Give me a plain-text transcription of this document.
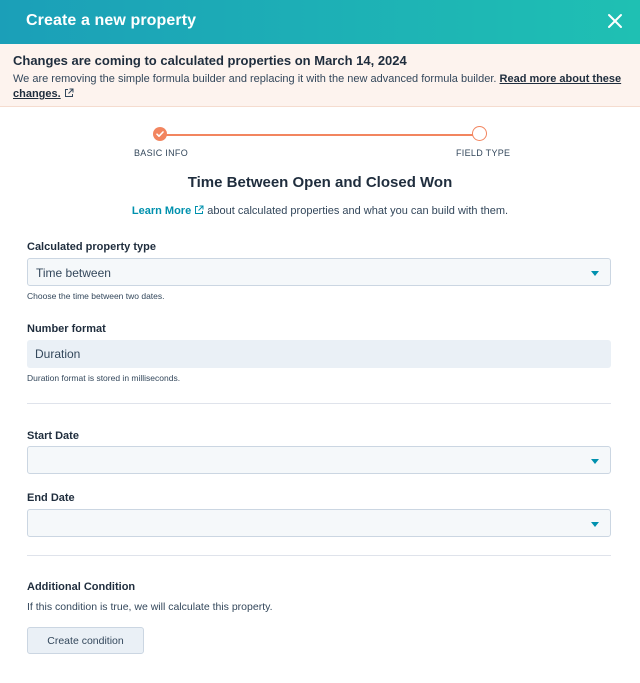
Create a new property
Changes are coming to calculated properties on March 14, 2024
We are removing the simple formula builder and replacing it with the new advanced formula builder. Read more about these
changes.
BASIC INFO	FIELD TYPE
Time Between Open and Closed Won
Learn More about calculated properties and what you can build with them.
Calculated property type
Time between
Choose the time between two dates.
Number format
Duration
Duration format is stored in milliseconds.
Start Date
End Date
Additional Condition
If this condition is true, we will calculate this property.
Create condition
